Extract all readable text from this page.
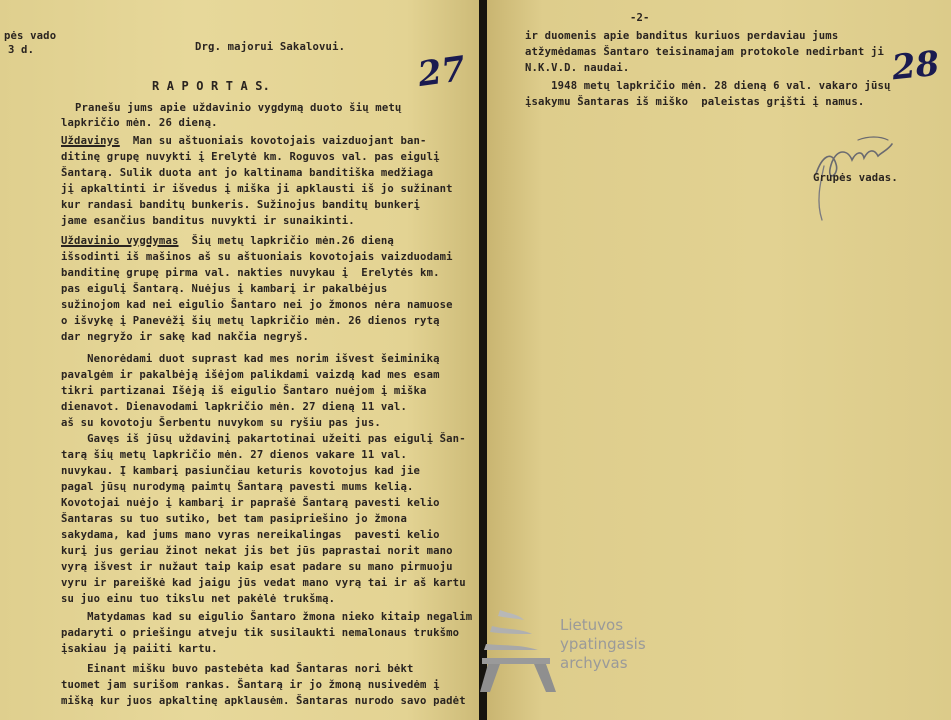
pės vado
3 d.	Drg. majorui Sakalovui.
R A P O R T A S.	27
Pranešu jums apie uždavinio vygdymą duoto šių metų
lapkričio mėn. 26 dieną.
Uždavinys  Man su aštuoniais kovotojais vaizduojant ban-
ditinę grupę nuvykti į Erelytė km. Roguvos val. pas eigulį
Šantarą. Sulik duota ant jo kaltinama banditiška medžiaga
jį apkaltinti ir išvedus į miška ji apklausti iš jo sužinant
kur randasi banditų bunkeris. Sužinojus banditų bunkerį
jame esančius banditus nuvykti ir sunaikinti.
Uždavinio vygdymas  Šių metų lapkričio mėn.26 dieną
išsodinti iš mašinos aš su aštuoniais kovotojais vaizduodami
banditinę grupę pirma val. nakties nuvykau į  Erelytės km.
pas eigulį Šantarą. Nuėjus į kambarį ir pakalbėjus
sužinojom kad nei eigulio Šantaro nei jo žmonos nėra namuose
o išvykę į Panevėžį šių metų lapkričio mėn. 26 dienos rytą
dar negryžo ir sakę kad nakčia negryš.
Nenorėdami duot suprast kad mes norim išvest šeiminiką
pavalgėm ir pakalbėją išėjom palikdami vaizdą kad mes esam
tikri partizanai Išėją iš eigulio Šantaro nuėjom į miška
dienavot. Dienavodami lapkričio mėn. 27 dieną 11 val.
aš su kovotoju Šerbentu nuvykom su ryšiu pas jus.
Gavęs iš jūsų uždavinį pakartotinai užeiti pas eigulį Šan-
tarą šių metų lapkričio mėn. 27 dienos vakare 11 val.
nuvykau. Į kambarį pasiunčiau keturis kovotojus kad jie
pagal jūsų nurodymą paimtų Šantarą pavesti mums kelią.
Kovotojai nuėjo į kambarį ir paprašė Šantarą pavesti kelio
Šantaras su tuo sutiko, bet tam pasipriešino jo žmona
sakydama, kad jums mano vyras nereikalingas  pavesti kelio
kurį jus geriau žinot nekat jis bet jūs paprastai norit mano
vyrą išvest ir nužaut taip kaip esat padare su mano pirmuoju
vyru ir pareiškė kad jaigu jūs vedat mano vyrą tai ir aš kartu
su juo einu tuo tikslu net pakėlė trukšmą.
Matydamas kad su eigulio Šantaro žmona nieko kitaip negalim
padaryti o priešingu atveju tik susilaukti nemalonaus trukšmo
įsakiau ją paiiti kartu.
Einant mišku buvo pastebėta kad Šantaras nori bėkt
tuomet jam surišom rankas. Šantarą ir jo žmoną nusivedėm į
mišką kur juos apkaltinę apklausėm. Šantaras nurodo savo padėt
-2-
28
ir duomenis apie banditus kuriuos perdaviau jums
atžymėdamas Šantaro teisinamajam protokole nedirbant ji
N.K.V.D. naudai.
1948 metų lapkričio mėn. 28 dieną 6 val. vakaro jūsų
įsakymu Šantaras iš miško  paleistas grįšti į namus.
Grupės vadas.
Lietuvos
ypatingasis
archyvas
